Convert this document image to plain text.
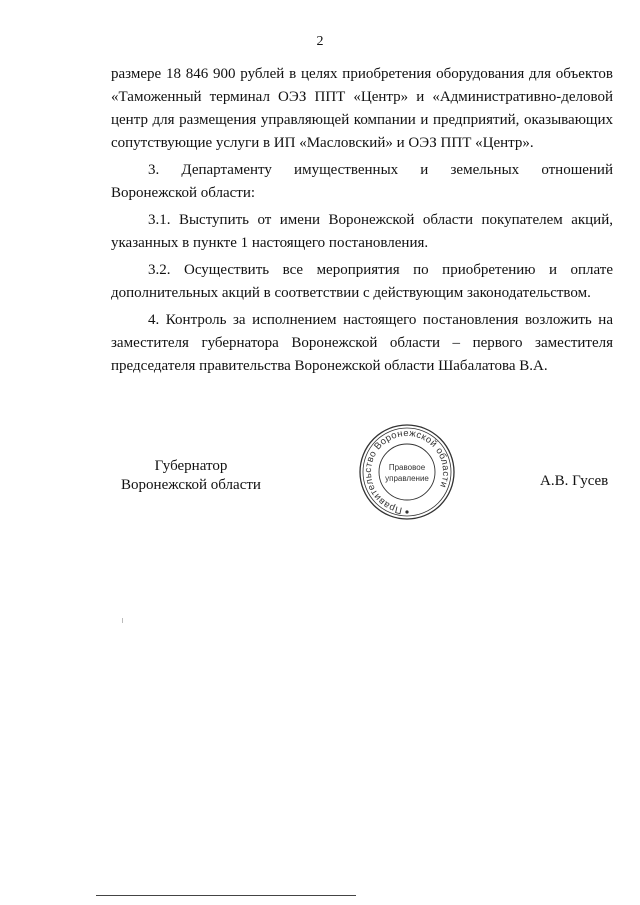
2

размере 18 846 900 рублей в целях приобретения оборудования для объектов
«Таможенный терминал ОЭЗ ППТ «Центр» и «Административно-деловой
центр для размещения управляющей компании и предприятий, оказывающих
сопутствующие услуги в ИП «Масловский» и ОЭЗ ППТ «Центр».

3. Департаменту имущественных и земельных отношений
Воронежской области:

3.1. Выступить от имени Воронежской области покупателем акций,
указанных в пункте 1 настоящего постановления.

3.2. Осуществить все мероприятия по приобретению и оплате
дополнительных акций в соответствии с действующим законодательством.

4. Контроль за исполнением настоящего постановления возложить на
заместителя губернатора Воронежской области – первого заместителя
председателя правительства Воронежской области Шабалатова В.А.

Губернатор
Воронежской области
Правительство Воронежской области
Правовое
управление	А.В. Гусев
